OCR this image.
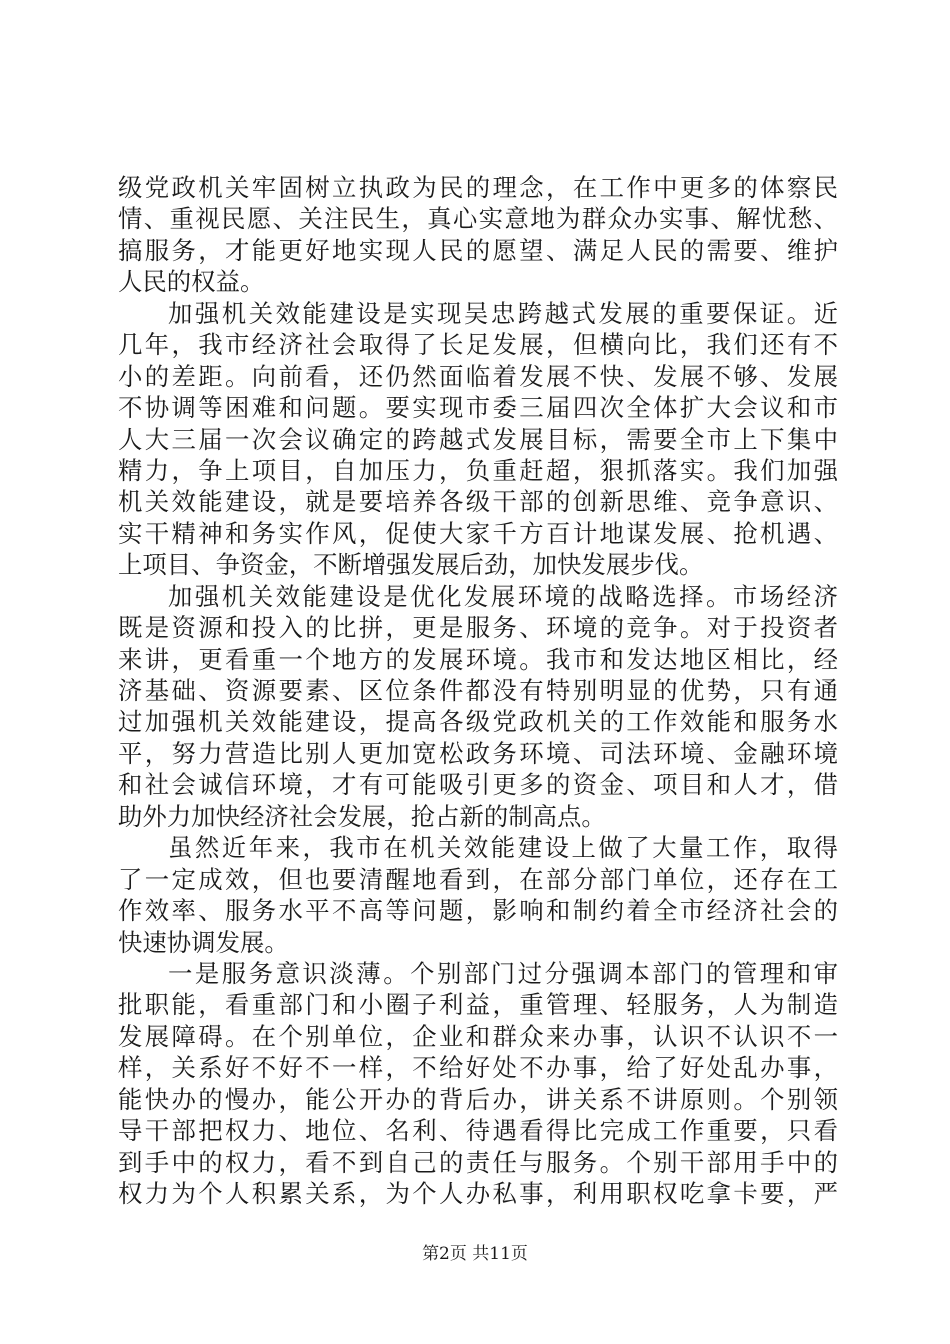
级党政机关牢固树立执政为民的理念，在工作中更多的体察民
情、重视民愿、关注民生，真心实意地为群众办实事、解忧愁、
搞服务，才能更好地实现人民的愿望、满足人民的需要、维护
人民的权益。
加强机关效能建设是实现吴忠跨越式发展的重要保证。近
几年，我市经济社会取得了长足发展，但横向比，我们还有不
小的差距。向前看，还仍然面临着发展不快、发展不够、发展
不协调等困难和问题。要实现市委三届四次全体扩大会议和市
人大三届一次会议确定的跨越式发展目标，需要全市上下集中
精力，争上项目，自加压力，负重赶超，狠抓落实。我们加强
机关效能建设，就是要培养各级干部的创新思维、竞争意识、
实干精神和务实作风，促使大家千方百计地谋发展、抢机遇、
上项目、争资金，不断增强发展后劲，加快发展步伐。
加强机关效能建设是优化发展环境的战略选择。市场经济
既是资源和投入的比拼，更是服务、环境的竞争。对于投资者
来讲，更看重一个地方的发展环境。我市和发达地区相比，经
济基础、资源要素、区位条件都没有特别明显的优势，只有通
过加强机关效能建设，提高各级党政机关的工作效能和服务水
平，努力营造比别人更加宽松政务环境、司法环境、金融环境
和社会诚信环境，才有可能吸引更多的资金、项目和人才，借
助外力加快经济社会发展，抢占新的制高点。
虽然近年来，我市在机关效能建设上做了大量工作，取得
了一定成效，但也要清醒地看到，在部分部门单位，还存在工
作效率、服务水平不高等问题，影响和制约着全市经济社会的
快速协调发展。
一是服务意识淡薄。个别部门过分强调本部门的管理和审
批职能，看重部门和小圈子利益，重管理、轻服务，人为制造
发展障碍。在个别单位，企业和群众来办事，认识不认识不一
样，关系好不好不一样，不给好处不办事，给了好处乱办事，
能快办的慢办，能公开办的背后办，讲关系不讲原则。个别领
导干部把权力、地位、名利、待遇看得比完成工作重要，只看
到手中的权力，看不到自己的责任与服务。个别干部用手中的
权力为个人积累关系，为个人办私事，利用职权吃拿卡要，严
第2页 共11页
